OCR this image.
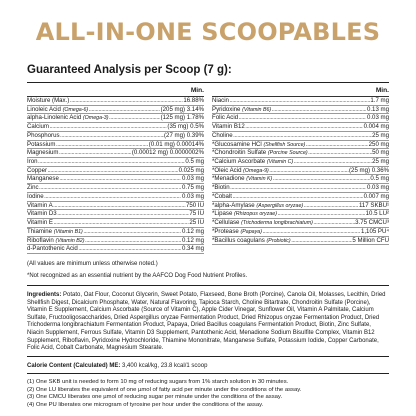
ALL-IN-ONE SCOOPABLES
Guaranteed Analysis per Scoop (7 g):
Min.
Moisture (Max.) .....	16.88%
Linoleic Acid (Omega-6) .....	(205 mg) 3.14%
alpha-Linolenic Acid (Omega-3) .....	(125 mg) 1.78%
Calcium .....	(35 mg) 0.5%
Phosphorus .....	(27 mg) 0.39%
Potassium .....	(0.01 mg) 0.00014%
Magnesium .....	(0.00012 mg) 0.0000002%
Iron .....	0.5 mg
Copper .....	0.025 mg
Manganese .....	0.03 mg
Zinc .....	0.75 mg
Iodine .....	0.03 mg
Vitamin A .....	750 IU
Vitamin D3 .....	75 IU
Vitamin E .....	25 IU
Thiamine (Vitamin B1) .....	0.12 mg
Riboflavin (Vitamin B2) .....	0.12 mg
d-Pantothenic Acid .....	0.34 mg
Min.
Niacin .....	1.7 mg
Pyridoxine (Vitamin B6) .....	0.13 mg
Folic Acid .....	0.03 mg
Vitamin B12 .....	0.004 mg
Choline .....	25 mg
*Glucosamine HCl (Shellfish Source) .....	250 mg
*Chondroitin Sulfate (Porcine Source) .....	50 mg
*Calcium Ascorbate (Vitamin C) .....	25 mg
*Oleic Acid (Omega-9) .....	(25 mg) 0.36%
*Menadione (Vitamin K) .....	0.5 mg
*Biotin .....	0.03 mg
*Cobalt .....	0.007 mg
*alpha-Amylase (Aspergillus oryzae) .....	117 SKBU¹
*Lipase (Rhizopus oryzae) .....	10.5 LU²
*Cellulase (Trichoderma longibrachiatum) .....	3.75 CMCU³
*Protease (Papaya) .....	1,105 PU⁴
*Bacillus coagulans (Probiotic) .....	5 Million CFU
(All values are minimum unless otherwise noted.)
*Not recognized as an essential nutrient by the AAFCO Dog Food Nutrient Profiles.
Ingredients: Potato, Oat Flour, Coconut Glycerin, Sweet Potato, Flaxseed, Bone Broth (Porcine), Canola Oil, Molasses, Lecithin, Dried Shellfish Digest, Dicalcium Phosphate, Water, Natural Flavoring, Tapioca Starch, Choline Bitartrate, Chondroitin Sulfate (Porcine), Vitamin E Supplement, Calcium Ascorbate (Source of Vitamin C), Apple Cider Vinegar, Sunflower Oil, Vitamin A Palmitate, Calcium Sulfate, Fructooligosaccharides, Dried Aspergillus oryzae Fermentation Product, Dried Rhizopus oryzae Fermentation Product, Dried Trichoderma longibrachiatum Fermentation Product, Papaya, Dried Bacillus coagulans Fermentation Product, Biotin, Zinc Sulfate, Niacin Supplement, Ferrous Sulfate, Vitamin D3 Supplement, Pantothenic Acid, Menadione Sodium Bisulfite Complex, Vitamin B12 Supplement, Riboflavin, Pyridoxine Hydrochloride, Thiamine Mononitrate, Manganese Sulfate, Potassium Iodide, Copper Carbonate, Folic Acid, Cobalt Carbonate, Magnesium Stearate.
Calorie Content (Calculated) ME: 3,400 kcal/kg, 23.8 kcal/1 scoop
(1) One SKB unit is needed to form 10 mg of reducing sugars from 1% starch solution in 30 minutes.
(2) One LU liberates the equivalent of one µmol of fatty acid per minute under the conditions of the assay.
(3) One CMCU liberates one µmol of reducing sugar per minute under the conditions of the assay.
(4) One PU liberates one microgram of tyrosine per hour under the conditions of the assay.
